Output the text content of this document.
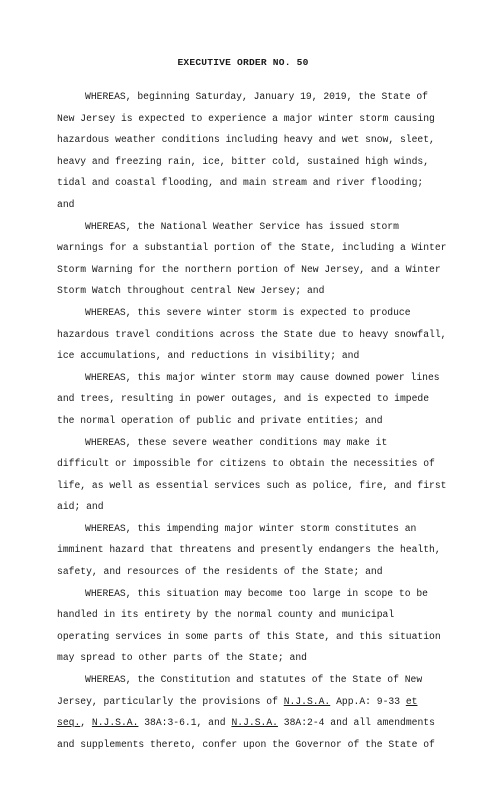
EXECUTIVE ORDER NO. 50
WHEREAS, beginning Saturday, January 19, 2019, the State of
New Jersey is expected to experience a major winter storm causing
hazardous weather conditions including heavy and wet snow, sleet,
heavy and freezing rain, ice, bitter cold, sustained high winds,
tidal and coastal flooding, and main stream and river flooding;
and
WHEREAS, the National Weather Service has issued storm
warnings for a substantial portion of the State, including a Winter
Storm Warning for the northern portion of New Jersey, and a Winter
Storm Watch throughout central New Jersey; and
WHEREAS, this severe winter storm is expected to produce
hazardous travel conditions across the State due to heavy snowfall,
ice accumulations, and reductions in visibility; and
WHEREAS, this major winter storm may cause downed power lines
and trees, resulting in power outages, and is expected to impede
the normal operation of public and private entities; and
WHEREAS, these severe weather conditions may make it
difficult or impossible for citizens to obtain the necessities of
life, as well as essential services such as police, fire, and first
aid; and
WHEREAS, this impending major winter storm constitutes an
imminent hazard that threatens and presently endangers the health,
safety, and resources of the residents of the State; and
WHEREAS, this situation may become too large in scope to be
handled in its entirety by the normal county and municipal
operating services in some parts of this State, and this situation
may spread to other parts of the State; and
WHEREAS, the Constitution and statutes of the State of New
Jersey, particularly the provisions of N.J.S.A. App.A: 9-33 et
seq., N.J.S.A. 38A:3-6.1, and N.J.S.A. 38A:2-4 and all amendments
and supplements thereto, confer upon the Governor of the State of
